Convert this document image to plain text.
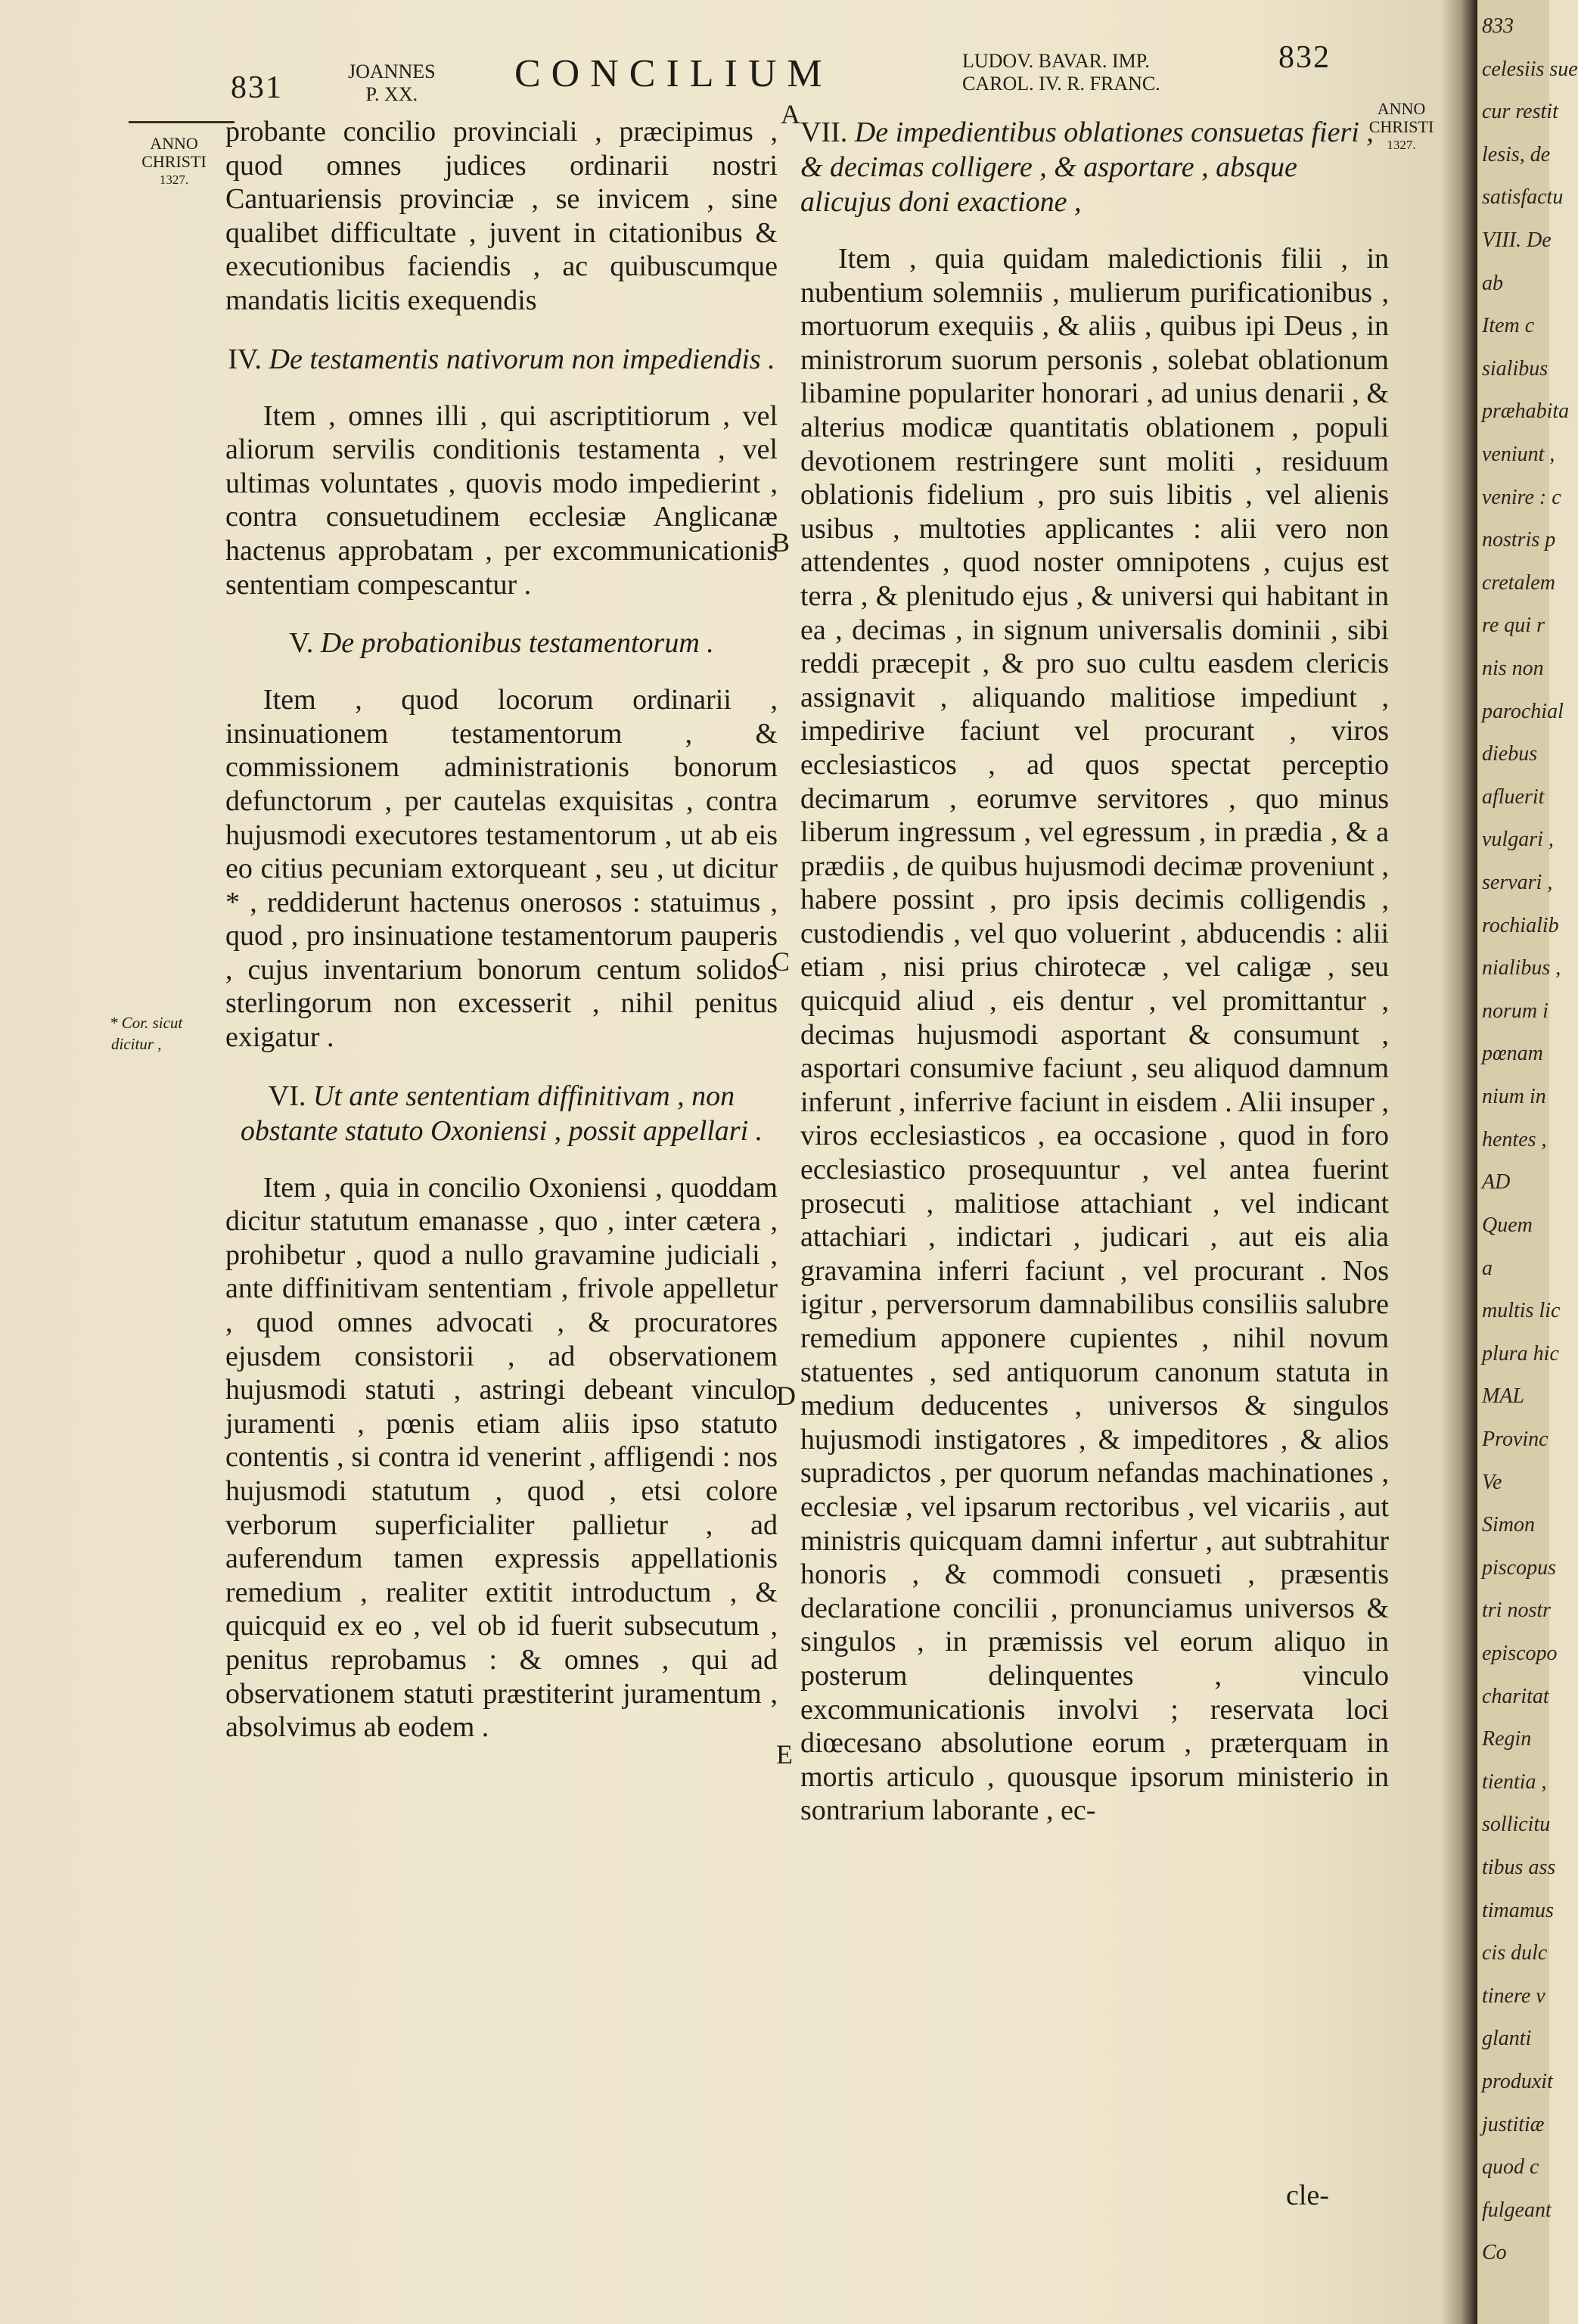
831	JOANNES
P. XX.	CONCILIUM	LUDOV. BAVAR. IMP.
CAROL. IV. R. FRANC.
832
ANNO
CHRISTI
1327.
ANNO
CHRISTI
1327.
* Cor. sicut
dicitur ,
A
B
C
D
E

probante concilio provinciali , præcipimus , quod omnes judices ordinarii nostri Cantuariensis provinciæ , se invicem , sine qualibet difficultate , juvent in citationibus & executionibus faciendis , ac quibuscumque mandatis licitis exequendis

IV. De testamentis nativorum non impediendis .

Item , omnes illi , qui ascriptitiorum , vel aliorum servilis conditionis testamenta , vel ultimas voluntates , quovis modo impedierint , contra consuetudinem ecclesiæ Anglicanæ hactenus approbatam , per excommunicationis sententiam compescantur .

V. De probationibus testamentorum .

Item , quod locorum ordinarii , insinuationem testamentorum , & commissionem administrationis bonorum defunctorum , per cautelas exquisitas , contra hujusmodi executores testamentorum , ut ab eis eo citius pecuniam extorqueant , seu , ut dicitur * , reddiderunt hactenus onerosos : statuimus , quod , pro insinuatione testamentorum pauperis , cujus inventarium bonorum centum solidos sterlingorum non excesserit , nihil penitus exigatur .

VI. Ut ante sententiam diffinitivam , non obstante statuto Oxoniensi , possit appellari .

Item , quia in concilio Oxoniensi , quoddam dicitur statutum emanasse , quo , inter cætera , prohibetur , quod a nullo gravamine judiciali , ante diffinitivam sententiam , frivole appelletur , quod omnes advocati , & procuratores ejusdem consistorii , ad observationem hujusmodi statuti , astringi debeant vinculo juramenti , pœnis etiam aliis ipso statuto contentis , si contra id venerint , affligendi : nos hujusmodi statutum , quod , etsi colore verborum superficialiter pallietur , ad auferendum tamen expressis appellationis remedium , realiter extitit introductum , & quicquid ex eo , vel ob id fuerit subsecutum , penitus reprobamus : & omnes , qui ad observationem statuti præstiterint juramentum , absolvimus ab eodem .

VII. De impedientibus oblationes consuetas fieri , & decimas colligere , & asportare , absque alicujus doni exactione ,

Item , quia quidam maledictionis filii , in nubentium solemniis , mulierum purificationibus , mortuorum exequiis , & aliis , quibus ipi Deus , in ministrorum suorum personis , solebat oblationum libamine populariter honorari , ad unius denarii , & alterius modicæ quantitatis oblationem , populi devotionem restringere sunt moliti , residuum oblationis fidelium , pro suis libitis , vel alienis usibus , multoties applicantes : alii vero non attendentes , quod noster omnipotens , cujus est terra , & plenitudo ejus , & universi qui habitant in ea , decimas , in signum universalis dominii , sibi reddi præcepit , & pro suo cultu easdem clericis assignavit , aliquando malitiose impediunt , impedirive faciunt vel procurant , viros ecclesiasticos , ad quos spectat perceptio decimarum , eorumve servitores , quo minus liberum ingressum , vel egressum , in prædia , & a prædiis , de quibus hujusmodi decimæ proveniunt , habere possint , pro ipsis decimis colligendis , custodiendis , vel quo voluerint , abducendis : alii etiam , nisi prius chirotecæ , vel caligæ , seu quicquid aliud , eis dentur , vel promittantur , decimas hujusmodi asportant & consumunt , asportari consumive faciunt , seu aliquod damnum inferunt , inferrive faciunt in eisdem . Alii insuper , viros ecclesiasticos , ea occasione , quod in foro ecclesiastico prosequuntur , vel antea fuerint prosecuti , malitiose attachiant , vel indicant attachiari , indictari , judicari , aut eis alia gravamina inferri faciunt , vel procurant . Nos igitur , perversorum damnabilibus consiliis salubre remedium apponere cupientes , nihil novum statuentes , sed antiquorum canonum statuta in medium deducentes , universos & singulos hujusmodi instigatores , & impeditores , & alios supradictos , per quorum nefandas machinationes , ecclesiæ , vel ipsarum rectoribus , vel vicariis , aut ministris quicquam damni infertur , aut subtrahitur honoris , & commodi consueti , præsentis declaratione concilii , pronunciamus universos & singulos , in præmissis vel eorum aliquo in posterum delinquentes , vinculo excommunicationis involvi ; reservata loci diœcesano absolutione eorum , præterquam in mortis articulo , quousque ipsorum ministerio in sontrarium laborante , ec-

cle-
833
celesiis sue
cur restit
lesis, de
satisfactu
VIII. De
ab
Item c
sialibus
præhabita
veniunt ,
venire : c
nostris p
cretalem
re qui r
nis non
parochial
diebus
afluerit
vulgari ,
servari ,
rochialib
nialibus ,
norum i
pœnam
nium in
hentes ,
AD
Quem
a
multis lic
plura hic
MAL
Provinc
Ve
Simon
piscopus
tri nostr
episcopo
charitat
Regin
tientia ,
sollicitu
tibus ass
timamus
cis dulc
tinere v
glanti
produxit
justitiæ
quod c
fulgeant
Co
